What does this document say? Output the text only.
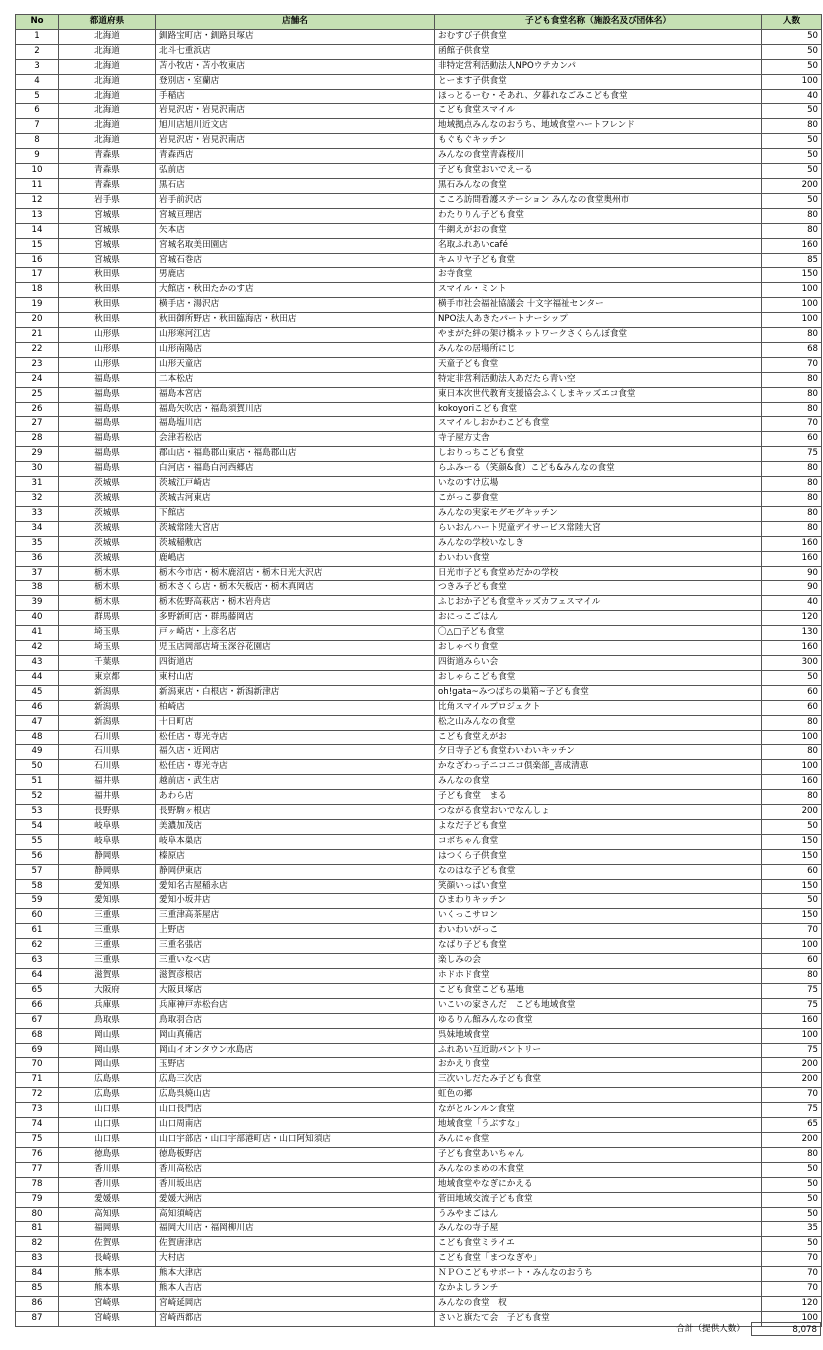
No	都道府県	店舗名	子ども食堂名称（施設名及び団体名）	人数
1	北海道	釧路宝町店・釧路貝塚店	おむすび子供食堂	50
2	北海道	北斗七重浜店	函館子供食堂	50
3	北海道	苫小牧店・苫小牧東店	非特定営利活動法人NPOウテカンパ	50
4	北海道	登別店・室蘭店	とーます子供食堂	100
5	北海道	手稲店	ほっとるーむ・そあれ、夕暮れなごみこども食堂	40
6	北海道	岩見沢店・岩見沢南店	こども食堂スマイル	50
7	北海道	旭川店旭川近文店	地域拠点みんなのおうち、地域食堂ハートフレンド	80
8	北海道	岩見沢店・岩見沢南店	もぐもぐキッチン	50
9	青森県	青森西店	みんなの食堂青森桜川	50
10	青森県	弘前店	子ども食堂おいでえーる	50
11	青森県	黒石店	黒石みんなの食堂	200
12	岩手県	岩手前沢店	こころ訪問看護ステーション みんなの食堂奥州市	50
13	宮城県	宮城亘理店	わたりりん子ども食堂	80
14	宮城県	矢本店	牛網えがおの食堂	80
15	宮城県	宮城名取美田園店	名取ふれあいcafé	160
16	宮城県	宮城石巻店	キムリヤ子ども食堂	85
17	秋田県	男鹿店	お寺食堂	150
18	秋田県	大館店・秋田たかのす店	スマイル・ミント	100
19	秋田県	横手店・湯沢店	横手市社会福祉協議会 十文字福祉センター	100
20	秋田県	秋田御所野店・秋田臨海店・秋田店	NPO法人あきたパートナーシップ	100
21	山形県	山形寒河江店	やまがた絆の架け橋ネットワークさくらんぼ食堂	80
22	山形県	山形南陽店	みんなの居場所にじ	68
23	山形県	山形天童店	天童子ども食堂	70
24	福島県	二本松店	特定非営利活動法人あだたら青い空	80
25	福島県	福島本宮店	東日本次世代教育支援協会ふくしまキッズエコ食堂	80
26	福島県	福島矢吹店・福島須賀川店	kokoyoriこども食堂	80
27	福島県	福島塩川店	スマイルしおかわこども食堂	70
28	福島県	会津若松店	寺子屋方丈舎	60
29	福島県	郡山店・福島郡山東店・福島郡山店	しおりっちこども食堂	75
30	福島県	白河店・福島白河西郷店	らふみーる（笑顔&食）こども&みんなの食堂	80
31	茨城県	茨城江戸崎店	いなのすけ広場	80
32	茨城県	茨城古河東店	こがっこ夢食堂	80
33	茨城県	下館店	みんなの実家モグモグキッチン	80
34	茨城県	茨城常陸大宮店	らいおんハート児童デイサービス常陸大宮	80
35	茨城県	茨城稲敷店	みんなの学校いなしき	160
36	茨城県	鹿嶋店	わいわい食堂	160
37	栃木県	栃木今市店・栃木鹿沼店・栃木日光大沢店	日光市子ども食堂めだかの学校	90
38	栃木県	栃木さくら店・栃木矢板店・栃木真岡店	つきみ子ども食堂	90
39	栃木県	栃木佐野高萩店・栃木岩舟店	ふじおか子ども食堂キッズカフェスマイル	40
40	群馬県	多野新町店・群馬藤岡店	おにっこごはん	120
41	埼玉県	戸ヶ崎店・上彦名店	〇△□子ども食堂	130
42	埼玉県	児玉店岡部店埼玉深谷花園店	おしゃべり食堂	160
43	千葉県	四街道店	四街道みらい会	300
44	東京都	東村山店	おしゃらこども食堂	50
45	新潟県	新潟東店・白根店・新潟新津店	oh!gata~みつばちの巣箱~子ども食堂	60
46	新潟県	柏崎店	比角スマイルプロジェクト	60
47	新潟県	十日町店	松之山みんなの食堂	80
48	石川県	松任店・専光寺店	こども食堂えがお	100
49	石川県	福久店・近岡店	夕日寺子ども食堂わいわいキッチン	80
50	石川県	松任店・専光寺店	かなざわっ子ニコニコ倶楽部_喜成清恵	100
51	福井県	越前店・武生店	みんなの食堂	160
52	福井県	あわら店	子ども食堂　まる	80
53	長野県	長野駒ヶ根店	つながる食堂おいでなんしょ	200
54	岐阜県	美濃加茂店	よなだ子ども食堂	50
55	岐阜県	岐阜本巣店	コボちゃん食堂	150
56	静岡県	榛原店	はつくら子供食堂	150
57	静岡県	静岡伊東店	なのはな子ども食堂	60
58	愛知県	愛知名古屋稲永店	笑顔いっぱい食堂	150
59	愛知県	愛知小坂井店	ひまわりキッチン	50
60	三重県	三重津高茶屋店	いくっこサロン	150
61	三重県	上野店	わいわいがっこ	70
62	三重県	三重名張店	なばり子ども食堂	100
63	三重県	三重いなべ店	楽しみの会	60
64	滋賀県	滋賀彦根店	ホドホド食堂	80
65	大阪府	大阪貝塚店	こども食堂こども基地	75
66	兵庫県	兵庫神戸赤松台店	いこいの家さんだ　こども地域食堂	75
67	鳥取県	鳥取羽合店	ゆるりん館みんなの食堂	160
68	岡山県	岡山真備店	呉妹地域食堂	100
69	岡山県	岡山イオンタウン水島店	ふれあい互近助パントリー	75
70	岡山県	玉野店	おかえり食堂	200
71	広島県	広島三次店	三次いしだたみ子ども食堂	200
72	広島県	広島呉焼山店	虹色の郷	70
73	山口県	山口長門店	ながとルンルン食堂	75
74	山口県	山口周南店	地域食堂「うぶすな」	65
75	山口県	山口宇部店・山口宇部港町店・山口阿知須店	みんにゃ食堂	200
76	徳島県	徳島板野店	子ども食堂あいちゃん	80
77	香川県	香川高松店	みんなのまめの木食堂	50
78	香川県	香川坂出店	地域食堂やなぎにかえる	50
79	愛媛県	愛媛大洲店	菅田地域交流子ども食堂	50
80	高知県	高知須崎店	うみやまごはん	50
81	福岡県	福岡大川店・福岡柳川店	みんなの寺子屋	35
82	佐賀県	佐賀唐津店	こども食堂ミライエ	50
83	長崎県	大村店	こども食堂「まつなぎや」	70
84	熊本県	熊本大津店	ＮＰＯこどもサポート・みんなのおうち	70
85	熊本県	熊本人吉店	なかよしランチ	70
86	宮崎県	宮崎延岡店	みんなの食堂　杈	120
87	宮崎県	宮崎西都店	さいと旗たて会　子ども食堂	100
合計（提供人数）	8,078
